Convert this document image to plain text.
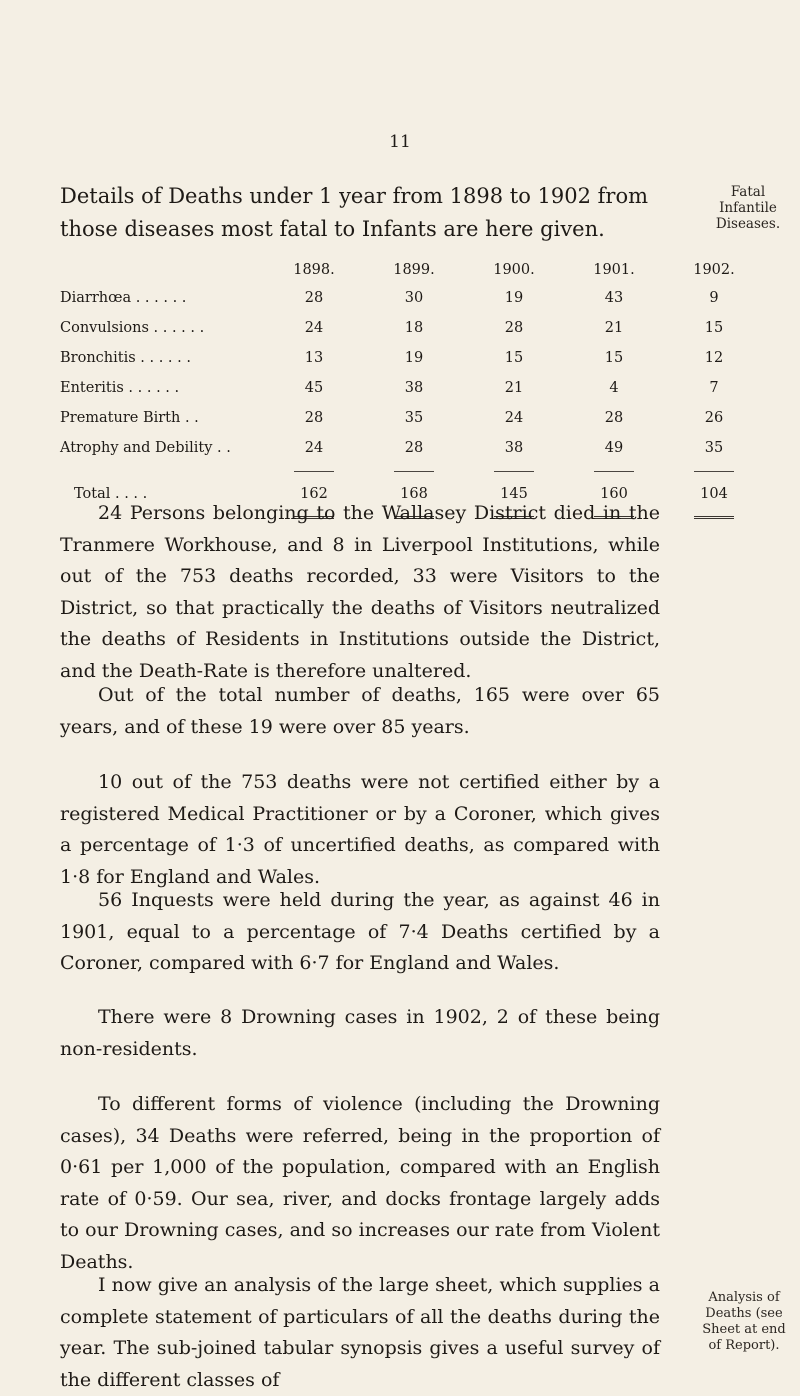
11
Details of Deaths under 1 year from 1898 to 1902 from those diseases most fatal to Infants are here given.
Fatal Infantile Diseases.
	1898.	1899.	1900.	1901.	1902.
Diarrhœa . . . . . .	28	30	19	43	9
Convulsions . . . . . .	24	18	28	21	15
Bronchitis . . . . . .	13	19	15	15	12
Enteritis . . . . . .	45	38	21	4	7
Premature Birth . .	28	35	24	28	26
Atrophy and Debility . .	24	28	38	49	35

Total . . . .	162	168	145	160	104

24 Persons belonging to the Wallasey District died in the Tranmere Workhouse, and 8 in Liverpool Institutions, while out of the 753 deaths recorded, 33 were Visitors to the District, so that practically the deaths of Visitors neutralized the deaths of Residents in Institutions outside the District, and the Death-Rate is therefore unaltered.
Out of the total number of deaths, 165 were over 65 years, and of these 19 were over 85 years.
10 out of the 753 deaths were not certified either by a registered Medical Practitioner or by a Coroner, which gives a percentage of 1·3 of uncertified deaths, as compared with 1·8 for England and Wales.
56 Inquests were held during the year, as against 46 in 1901, equal to a percentage of 7·4 Deaths certified by a Coroner, compared with 6·7 for England and Wales.
There were 8 Drowning cases in 1902, 2 of these being non-residents.
To different forms of violence (including the Drowning cases), 34 Deaths were referred, being in the proportion of 0·61 per 1,000 of the population, compared with an English rate of 0·59. Our sea, river, and docks frontage largely adds to our Drowning cases, and so increases our rate from Violent Deaths.
I now give an analysis of the large sheet, which supplies a complete statement of particulars of all the deaths during the year. The sub-joined tabular synopsis gives a useful survey of the different classes of
Analysis of Deaths (see Sheet at end of Report).
